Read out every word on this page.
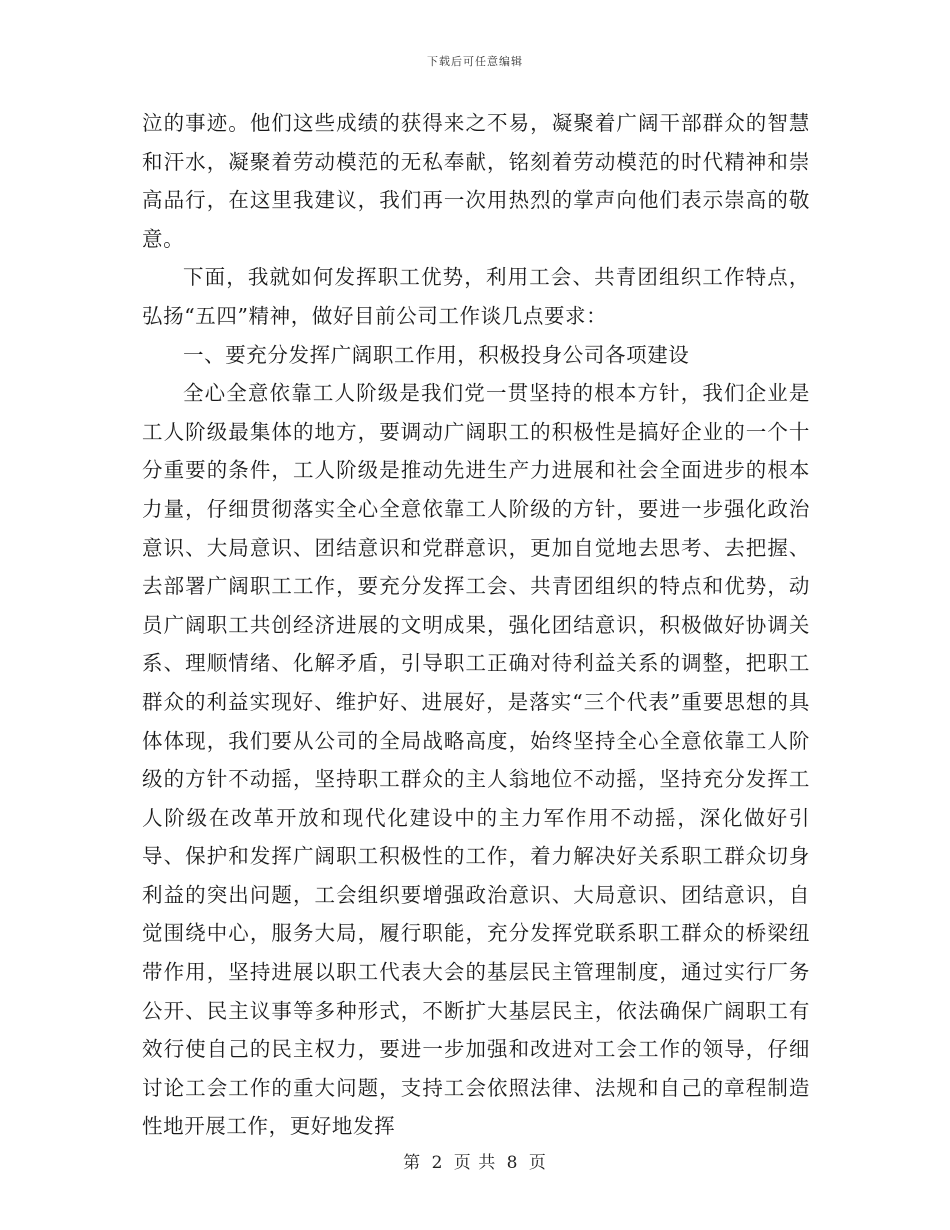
下载后可任意编辑

泣的事迹。他们这些成绩的获得来之不易，凝聚着广阔干部群众的智慧和汗水，凝聚着劳动模范的无私奉献，铭刻着劳动模范的时代精神和崇高品行，在这里我建议，我们再一次用热烈的掌声向他们表示崇高的敬意。

下面，我就如何发挥职工优势，利用工会、共青团组织工作特点，弘扬“五四”精神，做好目前公司工作谈几点要求：

一、要充分发挥广阔职工作用，积极投身公司各项建设

全心全意依靠工人阶级是我们党一贯坚持的根本方针，我们企业是工人阶级最集体的地方，要调动广阔职工的积极性是搞好企业的一个十分重要的条件，工人阶级是推动先进生产力进展和社会全面进步的根本力量，仔细贯彻落实全心全意依靠工人阶级的方针，要进一步强化政治意识、大局意识、团结意识和党群意识，更加自觉地去思考、去把握、去部署广阔职工工作，要充分发挥工会、共青团组织的特点和优势，动员广阔职工共创经济进展的文明成果，强化团结意识，积极做好协调关系、理顺情绪、化解矛盾，引导职工正确对待利益关系的调整，把职工群众的利益实现好、维护好、进展好，是落实“三个代表”重要思想的具体体现，我们要从公司的全局战略高度，始终坚持全心全意依靠工人阶级的方针不动摇，坚持职工群众的主人翁地位不动摇，坚持充分发挥工人阶级在改革开放和现代化建设中的主力军作用不动摇，深化做好引导、保护和发挥广阔职工积极性的工作，着力解决好关系职工群众切身利益的突出问题，工会组织要增强政治意识、大局意识、团结意识，自觉围绕中心，服务大局，履行职能，充分发挥党联系职工群众的桥梁纽带作用，坚持进展以职工代表大会的基层民主管理制度，通过实行厂务公开、民主议事等多种形式，不断扩大基层民主，依法确保广阔职工有效行使自己的民主权力，要进一步加强和改进对工会工作的领导，仔细讨论工会工作的重大问题，支持工会依照法律、法规和自己的章程制造性地开展工作，更好地发挥

第 2 页 共 8 页
